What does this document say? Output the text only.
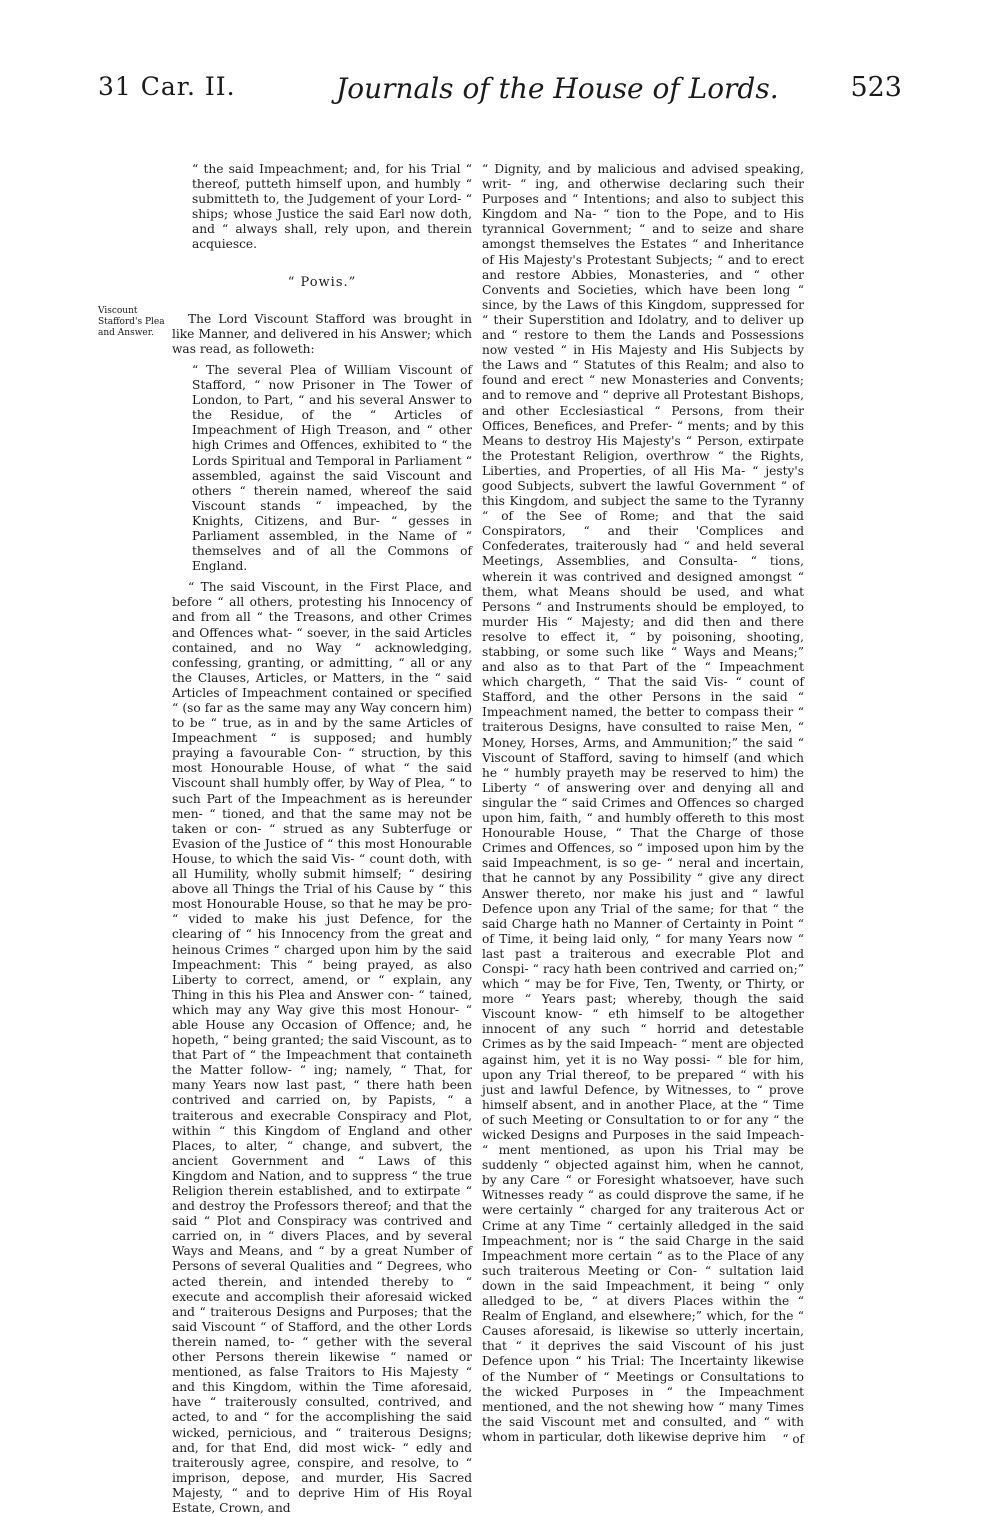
31 Car. II.	Journals of the House of Lords.	523
Viscount Stafford's Plea and Answer.

“ the said Impeachment; and, for his Trial “ thereof, putteth himself upon, and humbly “ submitteth to, the Judgement of your Lord- “ ships; whose Justice the said Earl now doth, and “ always shall, rely upon, and therein acquiesce.

“ Powis.”

The Lord Viscount Stafford was brought in like Manner, and delivered in his Answer; which was read, as followeth:

“ The several Plea of William Viscount of Stafford, “ now Prisoner in The Tower of London, to Part, “ and his several Answer to the Residue, of the “ Articles of Impeachment of High Treason, and “ other high Crimes and Offences, exhibited to “ the Lords Spiritual and Temporal in Parliament “ assembled, against the said Viscount and others “ therein named, whereof the said Viscount stands “ impeached, by the Knights, Citizens, and Bur- “ gesses in Parliament assembled, in the Name of “ themselves and of all the Commons of England.

“ The said Viscount, in the First Place, and before “ all others, protesting his Innocency of and from all “ the Treasons, and other Crimes and Offences what- “ soever, in the said Articles contained, and no Way “ acknowledging, confessing, granting, or admitting, “ all or any the Clauses, Articles, or Matters, in the “ said Articles of Impeachment contained or specified “ (so far as the same may any Way concern him) to be “ true, as in and by the same Articles of Impeachment “ is supposed; and humbly praying a favourable Con- “ struction, by this most Honourable House, of what “ the said Viscount shall humbly offer, by Way of Plea, “ to such Part of the Impeachment as is hereunder men- “ tioned, and that the same may not be taken or con- “ strued as any Subterfuge or Evasion of the Justice of “ this most Honourable House, to which the said Vis- “ count doth, with all Humility, wholly submit himself; “ desiring above all Things the Trial of his Cause by “ this most Honourable House, so that he may be pro- “ vided to make his just Defence, for the clearing of “ his Innocency from the great and heinous Crimes “ charged upon him by the said Impeachment: This “ being prayed, as also Liberty to correct, amend, or “ explain, any Thing in this his Plea and Answer con- “ tained, which may any Way give this most Honour- “ able House any Occasion of Offence; and, he hopeth, “ being granted; the said Viscount, as to that Part of “ the Impeachment that containeth the Matter follow- “ ing; namely, “ That, for many Years now last past, “ there hath been contrived and carried on, by Papists, “ a traiterous and execrable Conspiracy and Plot, within “ this Kingdom of England and other Places, to alter, “ change, and subvert, the ancient Government and “ Laws of this Kingdom and Nation, and to suppress “ the true Religion therein established, and to extirpate “ and destroy the Professors thereof; and that the said “ Plot and Conspiracy was contrived and carried on, in “ divers Places, and by several Ways and Means, and “ by a great Number of Persons of several Qualities and “ Degrees, who acted therein, and intended thereby to “ execute and accomplish their aforesaid wicked and “ traiterous Designs and Purposes; that the said Viscount “ of Stafford, and the other Lords therein named, to- “ gether with the several other Persons therein likewise “ named or mentioned, as false Traitors to His Majesty “ and this Kingdom, within the Time aforesaid, have “ traiterously consulted, contrived, and acted, to and “ for the accomplishing the said wicked, pernicious, and “ traiterous Designs; and, for that End, did most wick- “ edly and traiterously agree, conspire, and resolve, to “ imprison, depose, and murder, His Sacred Majesty, “ and to deprive Him of His Royal Estate, Crown, and

“ Dignity, and by malicious and advised speaking, writ- “ ing, and otherwise declaring such their Purposes and “ Intentions; and also to subject this Kingdom and Na- “ tion to the Pope, and to His tyrannical Government; “ and to seize and share amongst themselves the Estates “ and Inheritance of His Majesty's Protestant Subjects; “ and to erect and restore Abbies, Monasteries, and “ other Convents and Societies, which have been long “ since, by the Laws of this Kingdom, suppressed for “ their Superstition and Idolatry, and to deliver up and “ restore to them the Lands and Possessions now vested “ in His Majesty and His Subjects by the Laws and “ Statutes of this Realm; and also to found and erect “ new Monasteries and Convents; and to remove and “ deprive all Protestant Bishops, and other Ecclesiastical “ Persons, from their Offices, Benefices, and Prefer- “ ments; and by this Means to destroy His Majesty's “ Person, extirpate the Protestant Religion, overthrow “ the Rights, Liberties, and Properties, of all His Ma- “ jesty's good Subjects, subvert the lawful Government “ of this Kingdom, and subject the same to the Tyranny “ of the See of Rome; and that the said Conspirators, “ and their 'Complices and Confederates, traiterously had “ and held several Meetings, Assemblies, and Consulta- “ tions, wherein it was contrived and designed amongst “ them, what Means should be used, and what Persons “ and Instruments should be employed, to murder His “ Majesty; and did then and there resolve to effect it, “ by poisoning, shooting, stabbing, or some such like “ Ways and Means;” and also as to that Part of the “ Impeachment which chargeth, “ That the said Vis- “ count of Stafford, and the other Persons in the said “ Impeachment named, the better to compass their “ traiterous Designs, have consulted to raise Men, “ Money, Horses, Arms, and Ammunition;” the said “ Viscount of Stafford, saving to himself (and which he “ humbly prayeth may be reserved to him) the Liberty “ of answering over and denying all and singular the “ said Crimes and Offences so charged upon him, faith, “ and humbly offereth to this most Honourable House, “ That the Charge of those Crimes and Offences, so “ imposed upon him by the said Impeachment, is so ge- “ neral and incertain, that he cannot by any Possibility “ give any direct Answer thereto, nor make his just and “ lawful Defence upon any Trial of the same; for that “ the said Charge hath no Manner of Certainty in Point “ of Time, it being laid only, “ for many Years now “ last past a traiterous and execrable Plot and Conspi- “ racy hath been contrived and carried on;” which “ may be for Five, Ten, Twenty, or Thirty, or more “ Years past; whereby, though the said Viscount know- “ eth himself to be altogether innocent of any such “ horrid and detestable Crimes as by the said Impeach- “ ment are objected against him, yet it is no Way possi- “ ble for him, upon any Trial thereof, to be prepared “ with his just and lawful Defence, by Witnesses, to “ prove himself absent, and in another Place, at the “ Time of such Meeting or Consultation to or for any “ the wicked Designs and Purposes in the said Impeach- “ ment mentioned, as upon his Trial may be suddenly “ objected against him, when he cannot, by any Care “ or Foresight whatsoever, have such Witnesses ready “ as could disprove the same, if he were certainly “ charged for any traiterous Act or Crime at any Time “ certainly alledged in the said Impeachment; nor is “ the said Charge in the said Impeachment more certain “ as to the Place of any such traiterous Meeting or Con- “ sultation laid down in the said Impeachment, it being “ only alledged to be, “ at divers Places within the “ Realm of England, and elsewhere;” which, for the “ Causes aforesaid, is likewise so utterly incertain, that “ it deprives the said Viscount of his just Defence upon “ his Trial: The Incertainty likewise of the Number of “ Meetings or Consultations to the wicked Purposes in “ the Impeachment mentioned, and the not shewing how “ many Times the said Viscount met and consulted, and “ with whom in particular, doth likewise deprive him	“ of
